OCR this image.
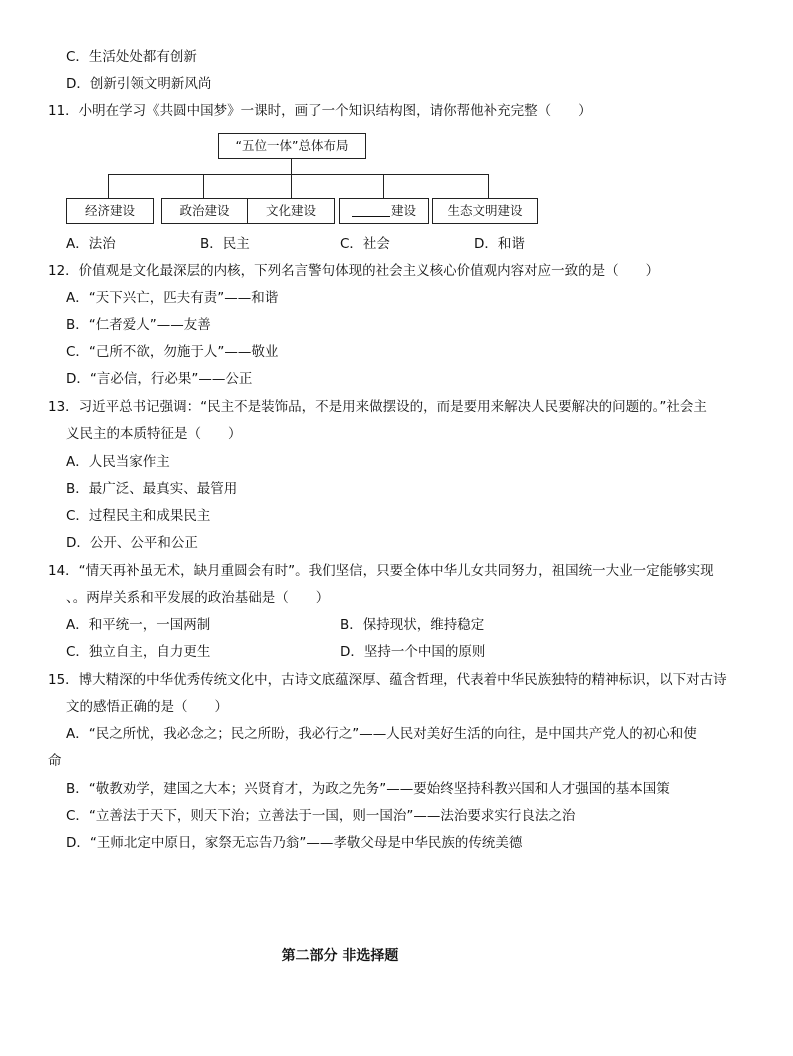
C．生活处处都有创新
D．创新引领文明新风尚
11．小明在学习《共圆中国梦》一课时，画了一个知识结构图，请你帮他补充完整（　　）
“五位一体”总体布局
经济建设	政治建设	文化建设	建设	生态文明建设
A．法治	B．民主	C．社会	D．和谐
12．价值观是文化最深层的内核，下列名言警句体现的社会主义核心价值观内容对应一致的是（　　）
A．“天下兴亡，匹夫有责”——和谐
B．“仁者爱人”——友善
C．“己所不欲，勿施于人”——敬业
D．“言必信，行必果”——公正
13．习近平总书记强调：“民主不是装饰品，不是用来做摆设的，而是要用来解决人民要解决的问题的。”社会主
义民主的本质特征是（　　）
A．人民当家作主
B．最广泛、最真实、最管用
C．过程民主和成果民主
D．公开、公平和公正
14．“情天再补虽无术，缺月重圆会有时”。我们坚信，只要全体中华儿女共同努力，祖国统一大业一定能够实现
、。两岸关系和平发展的政治基础是（　　）
A．和平统一，一国两制	B．保持现状，维持稳定
C．独立自主，自力更生	D．坚持一个中国的原则
15．博大精深的中华优秀传统文化中，古诗文底蕴深厚、蕴含哲理，代表着中华民族独特的精神标识，以下对古诗
文的感悟正确的是（　　）
A．“民之所忧，我必念之；民之所盼，我必行之”——人民对美好生活的向往，是中国共产党人的初心和使
命
B．“敬教劝学，建国之大本；兴贤育才，为政之先务”——要始终坚持科教兴国和人才强国的基本国策
C．“立善法于天下，则天下治；立善法于一国，则一国治”——法治要求实行良法之治
D．“王师北定中原日，家祭无忘告乃翁”——孝敬父母是中华民族的传统美德
第二部分 非选择题
